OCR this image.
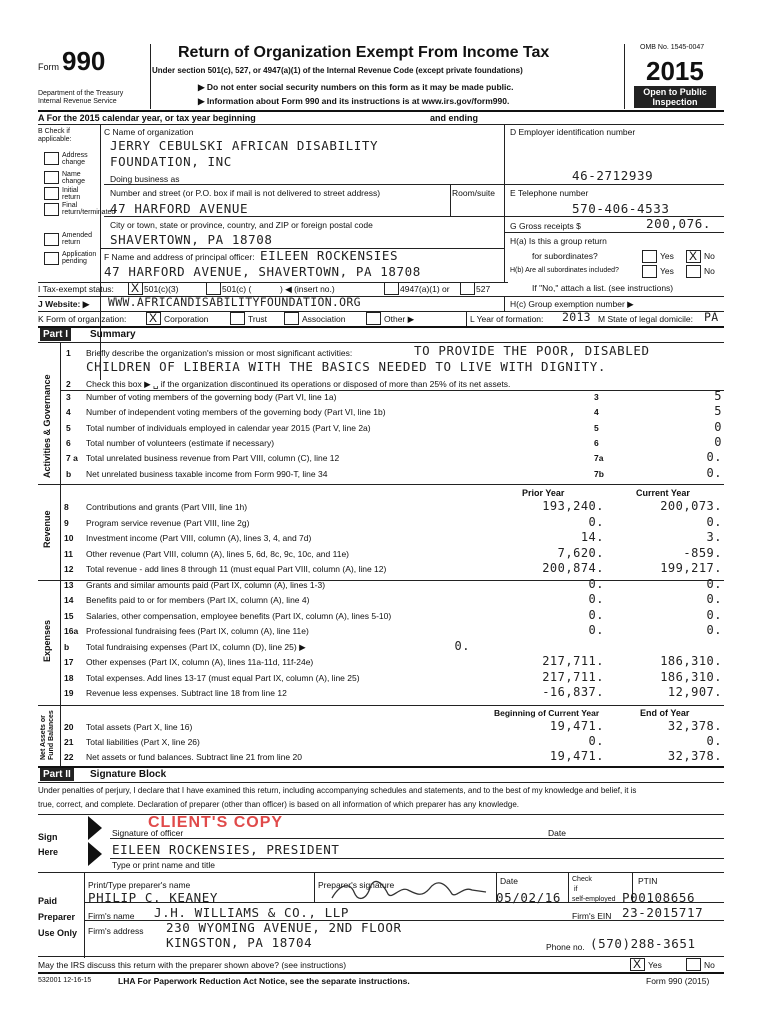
Form 990
Department of the Treasury
Internal Revenue Service
Return of Organization Exempt From Income Tax
Under section 501(c), 527, or 4947(a)(1) of the Internal Revenue Code (except private foundations)
▶ Do not enter social security numbers on this form as it may be made public.
▶ Information about Form 990 and its instructions is at www.irs.gov/form990.
OMB No. 1545-0047
2015
Open to Public Inspection
A For the 2015 calendar year, or tax year beginning	and ending
B Check if applicable:
Address change
Name change
Initial return
Final return/terminated
Amended return
Application pending
C Name of organization
JERRY CEBULSKI AFRICAN DISABILITY
FOUNDATION, INC
Doing business as
Number and street (or P.O. box if mail is not delivered to street address)	Room/suite
47 HARFORD AVENUE
City or town, state or province, country, and ZIP or foreign postal code
SHAVERTOWN, PA 18708
F Name and address of principal officer: EILEEN ROCKENSIES
47 HARFORD AVENUE, SHAVERTOWN, PA 18708
D Employer identification number
46-2712939
E Telephone number
570-406-4533
G Gross receipts $	200,076.
H(a) Is this a group return
for subordinates?	Yes X No
H(b) Are all subordinates included?	Yes	No
If "No," attach a list. (see instructions)
H(c) Group exemption number ▶
I Tax-exempt status: X 501(c)(3)	501(c) (	) ◀ (insert no.)	4947(a)(1) or	527
J Website: ▶ WWW.AFRICANDISABILITYFOUNDATION.ORG
K Form of organization: X Corporation	Trust	Association	Other ▶	L Year of formation: 2013 M State of legal domicile: PA
Part I	Summary
Activities & Governance
Revenue
Expenses
Net Assets or Fund Balances
1 Briefly describe the organization's mission or most significant activities:	TO PROVIDE THE POOR, DISABLED
CHILDREN OF LIBERIA WITH THE BASICS NEEDED TO LIVE WITH DIGNITY.
2 Check this box ▶ ␣ if the organization discontinued its operations or disposed of more than 25% of its net assets.
3 Number of voting members of the governing body (Part VI, line 1a)	3	5
4 Number of independent voting members of the governing body (Part VI, line 1b)	4	5
5 Total number of individuals employed in calendar year 2015 (Part V, line 2a)	5	0
6 Total number of volunteers (estimate if necessary)	6	0
7 a Total unrelated business revenue from Part VIII, column (C), line 12	7a	0.
b Net unrelated business taxable income from Form 990-T, line 34	7b	0.
Prior Year	Current Year
8 Contributions and grants (Part VIII, line 1h)	193,240.	200,073.
9 Program service revenue (Part VIII, line 2g)	0.	0.
10 Investment income (Part VIII, column (A), lines 3, 4, and 7d)	14.	3.
11 Other revenue (Part VIII, column (A), lines 5, 6d, 8c, 9c, 10c, and 11e)	7,620.	-859.
12 Total revenue - add lines 8 through 11 (must equal Part VIII, column (A), line 12)	200,874.	199,217.
13 Grants and similar amounts paid (Part IX, column (A), lines 1-3)	0.	0.
14 Benefits paid to or for members (Part IX, column (A), line 4)	0.	0.
15 Salaries, other compensation, employee benefits (Part IX, column (A), lines 5-10)	0.	0.
16a Professional fundraising fees (Part IX, column (A), line 11e)	0.	0.
b Total fundraising expenses (Part IX, column (D), line 25) ▶	0.
17 Other expenses (Part IX, column (A), lines 11a-11d, 11f-24e)	217,711.	186,310.
18 Total expenses. Add lines 13-17 (must equal Part IX, column (A), line 25)	217,711.	186,310.
19 Revenue less expenses. Subtract line 18 from line 12	-16,837.	12,907.
Beginning of Current Year	End of Year
20 Total assets (Part X, line 16)	19,471.	32,378.
21 Total liabilities (Part X, line 26)	0.	0.
22 Net assets or fund balances. Subtract line 21 from line 20	19,471.	32,378.
Part II	Signature Block
Under penalties of perjury, I declare that I have examined this return, including accompanying schedules and statements, and to the best of my knowledge and belief, it is
true, correct, and complete. Declaration of preparer (other than officer) is based on all information of which preparer has any knowledge.
Sign
Here
CLIENT'S COPY
Signature of officer	Date
EILEEN ROCKENSIES, PRESIDENT
Type or print name and title
Paid
Preparer
Use Only
Print/Type preparer's name	Preparer's signature	Date	Check
if
self-employed
PTIN
PHILIP C. KEANEY	05/02/16	P00108656
Firm's name J.H. WILLIAMS & CO., LLP	Firm's EIN 23-2015717
Firm's address 230 WYOMING AVENUE, 2ND FLOOR
KINGSTON, PA 18704	Phone no. (570)288-3651
May the IRS discuss this return with the preparer shown above? (see instructions)	X Yes	No
532001 12-16-15	LHA For Paperwork Reduction Act Notice, see the separate instructions.	Form 990 (2015)
